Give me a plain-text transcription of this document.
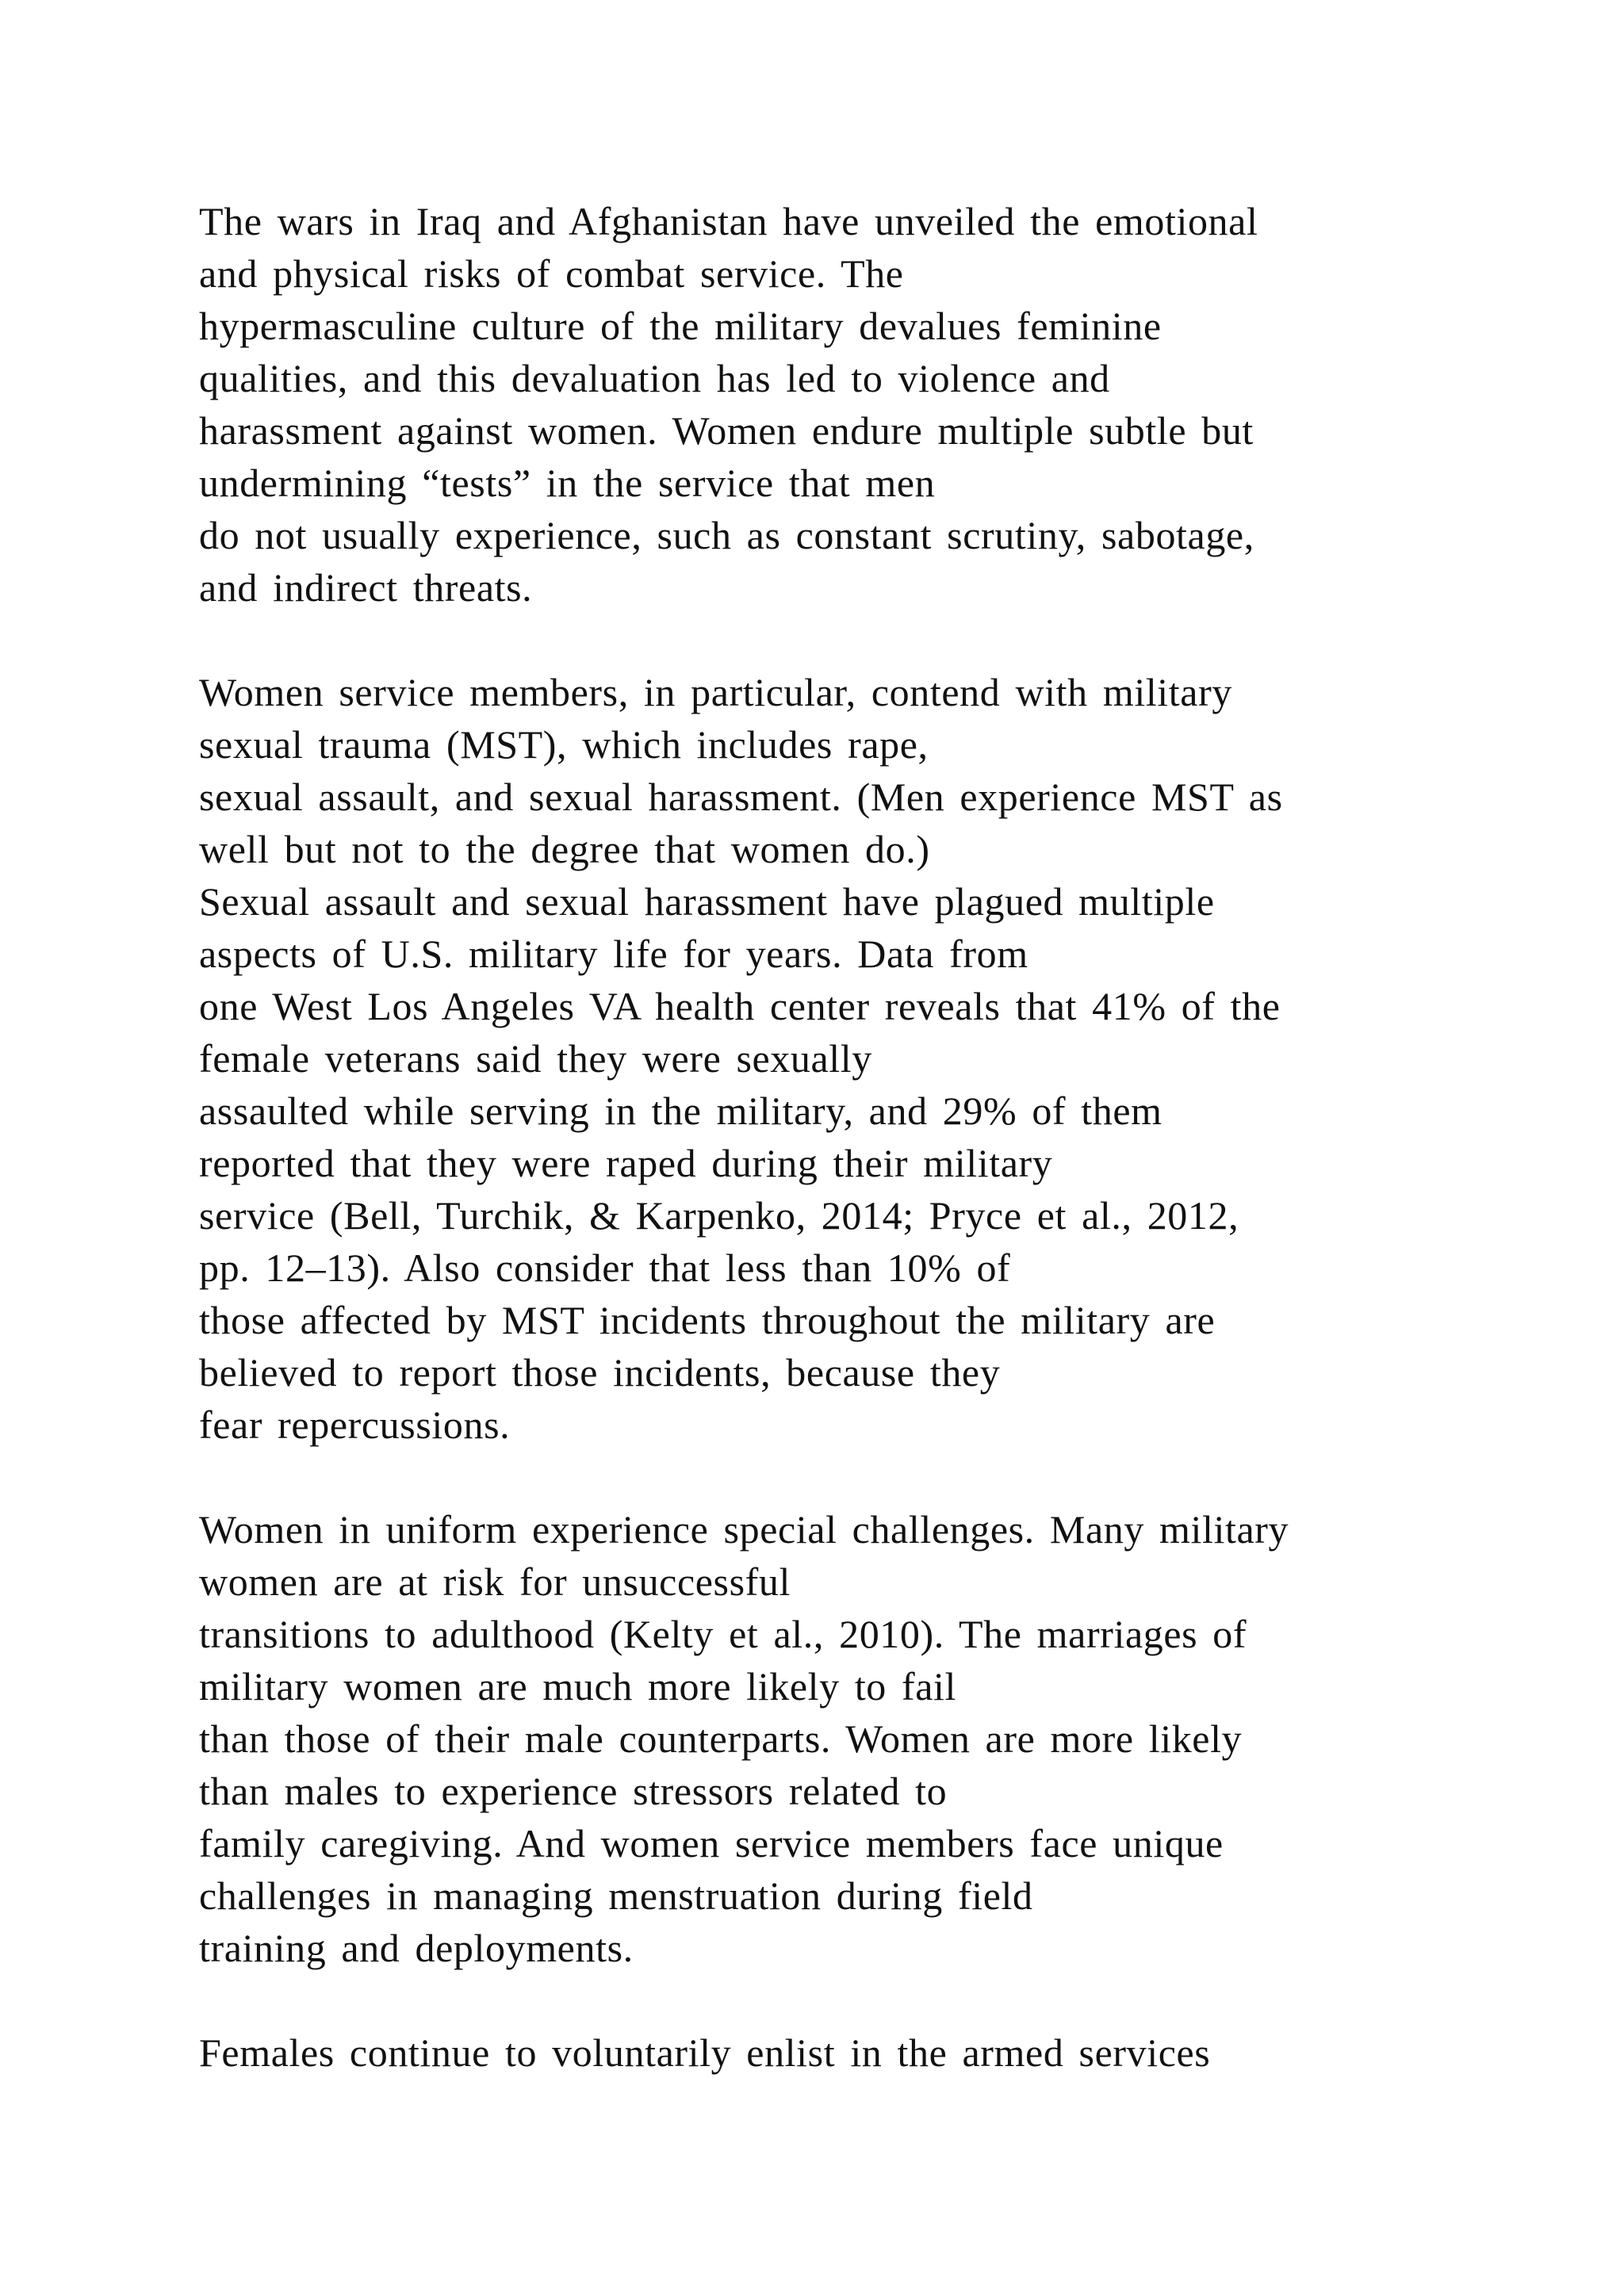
The wars in Iraq and Afghanistan have unveiled the emotional
and physical risks of combat service. The
hypermasculine culture of the military devalues feminine
qualities, and this devaluation has led to violence and
harassment against women. Women endure multiple subtle but
undermining “tests” in the service that men
do not usually experience, such as constant scrutiny, sabotage,
and indirect threats.
Women service members, in particular, contend with military
sexual trauma (MST), which includes rape,
sexual assault, and sexual harassment. (Men experience MST as
well but not to the degree that women do.)
Sexual assault and sexual harassment have plagued multiple
aspects of U.S. military life for years. Data from
one West Los Angeles VA health center reveals that 41% of the
female veterans said they were sexually
assaulted while serving in the military, and 29% of them
reported that they were raped during their military
service (Bell, Turchik, & Karpenko, 2014; Pryce et al., 2012,
pp. 12–13). Also consider that less than 10% of
those affected by MST incidents throughout the military are
believed to report those incidents, because they
fear repercussions.
Women in uniform experience special challenges. Many military
women are at risk for unsuccessful
transitions to adulthood (Kelty et al., 2010). The marriages of
military women are much more likely to fail
than those of their male counterparts. Women are more likely
than males to experience stressors related to
family caregiving. And women service members face unique
challenges in managing menstruation during field
training and deployments.
Females continue to voluntarily enlist in the armed services
